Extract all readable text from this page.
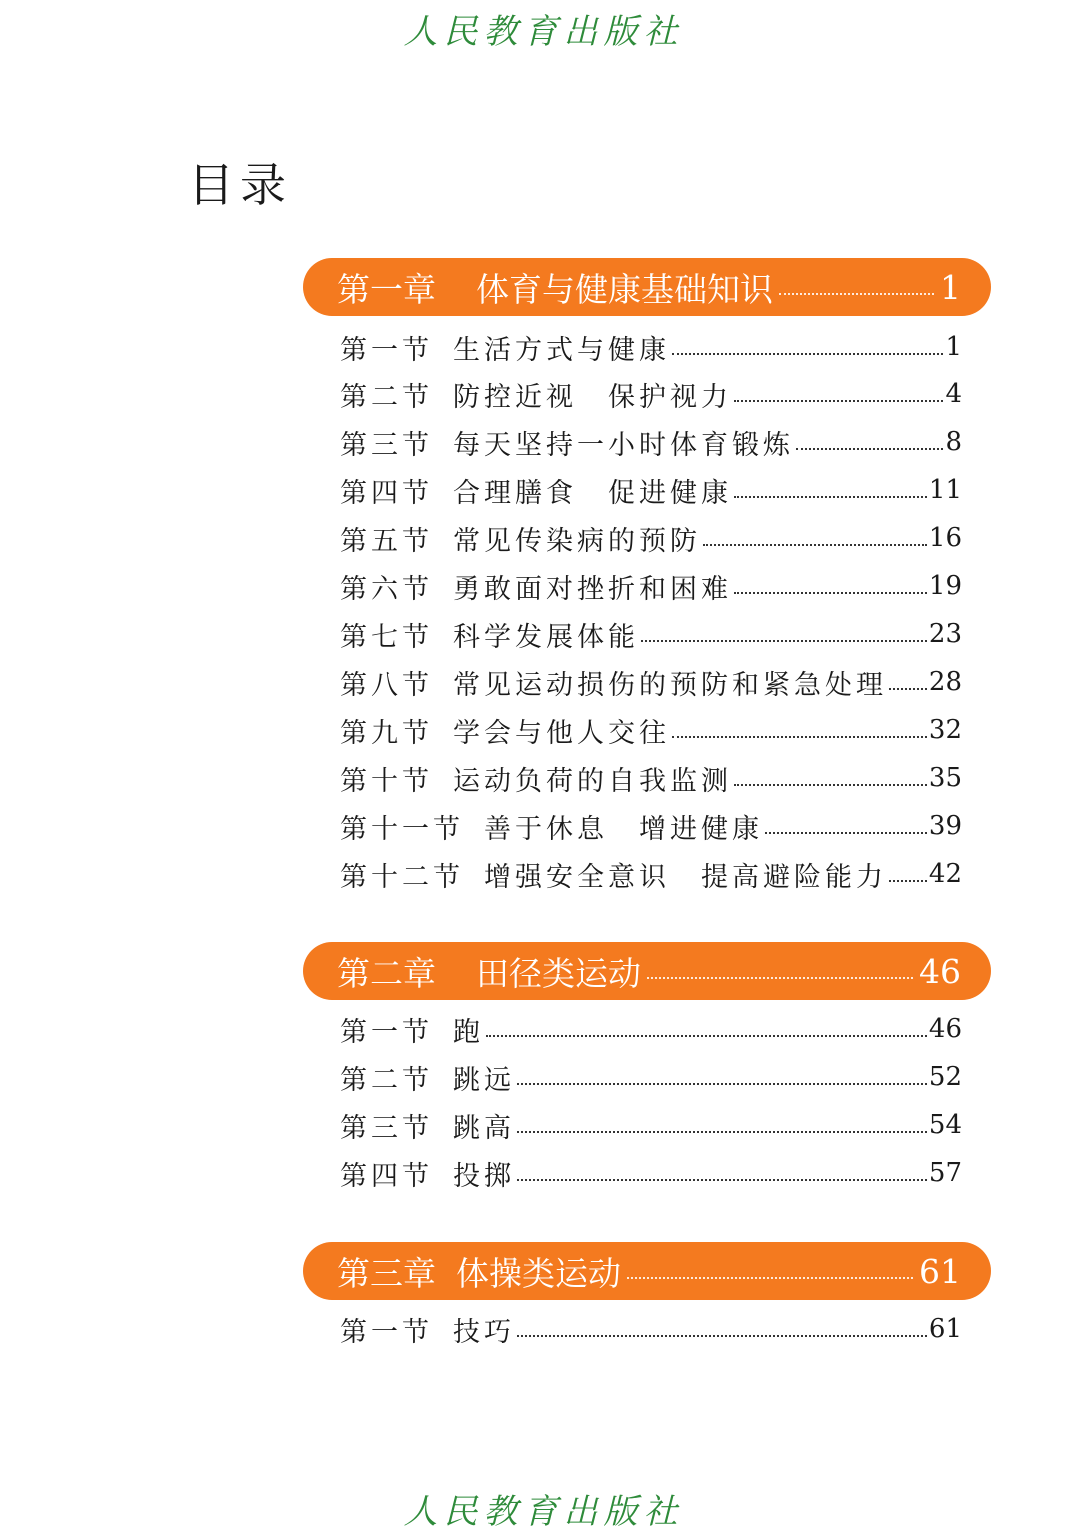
人民教育出版社
目录
第一章 体育与健康基础知识	1
第一节 生活方式与健康	1
第二节 防控近视　保护视力	4
第三节 每天坚持一小时体育锻炼	8
第四节 合理膳食　促进健康	11
第五节 常见传染病的预防	16
第六节 勇敢面对挫折和困难	19
第七节 科学发展体能	23
第八节 常见运动损伤的预防和紧急处理 28
第九节 学会与他人交往	32
第十节 运动负荷的自我监测	35
第十一节 善于休息　增进健康	39
第十二节 增强安全意识　提高避险能力 42
第二章 田径类运动	46
第一节 跑	46
第二节 跳远	52
第三节 跳高	54
第四节 投掷	57
第三章 体操类运动	61
第一节 技巧	61
人民教育出版社
